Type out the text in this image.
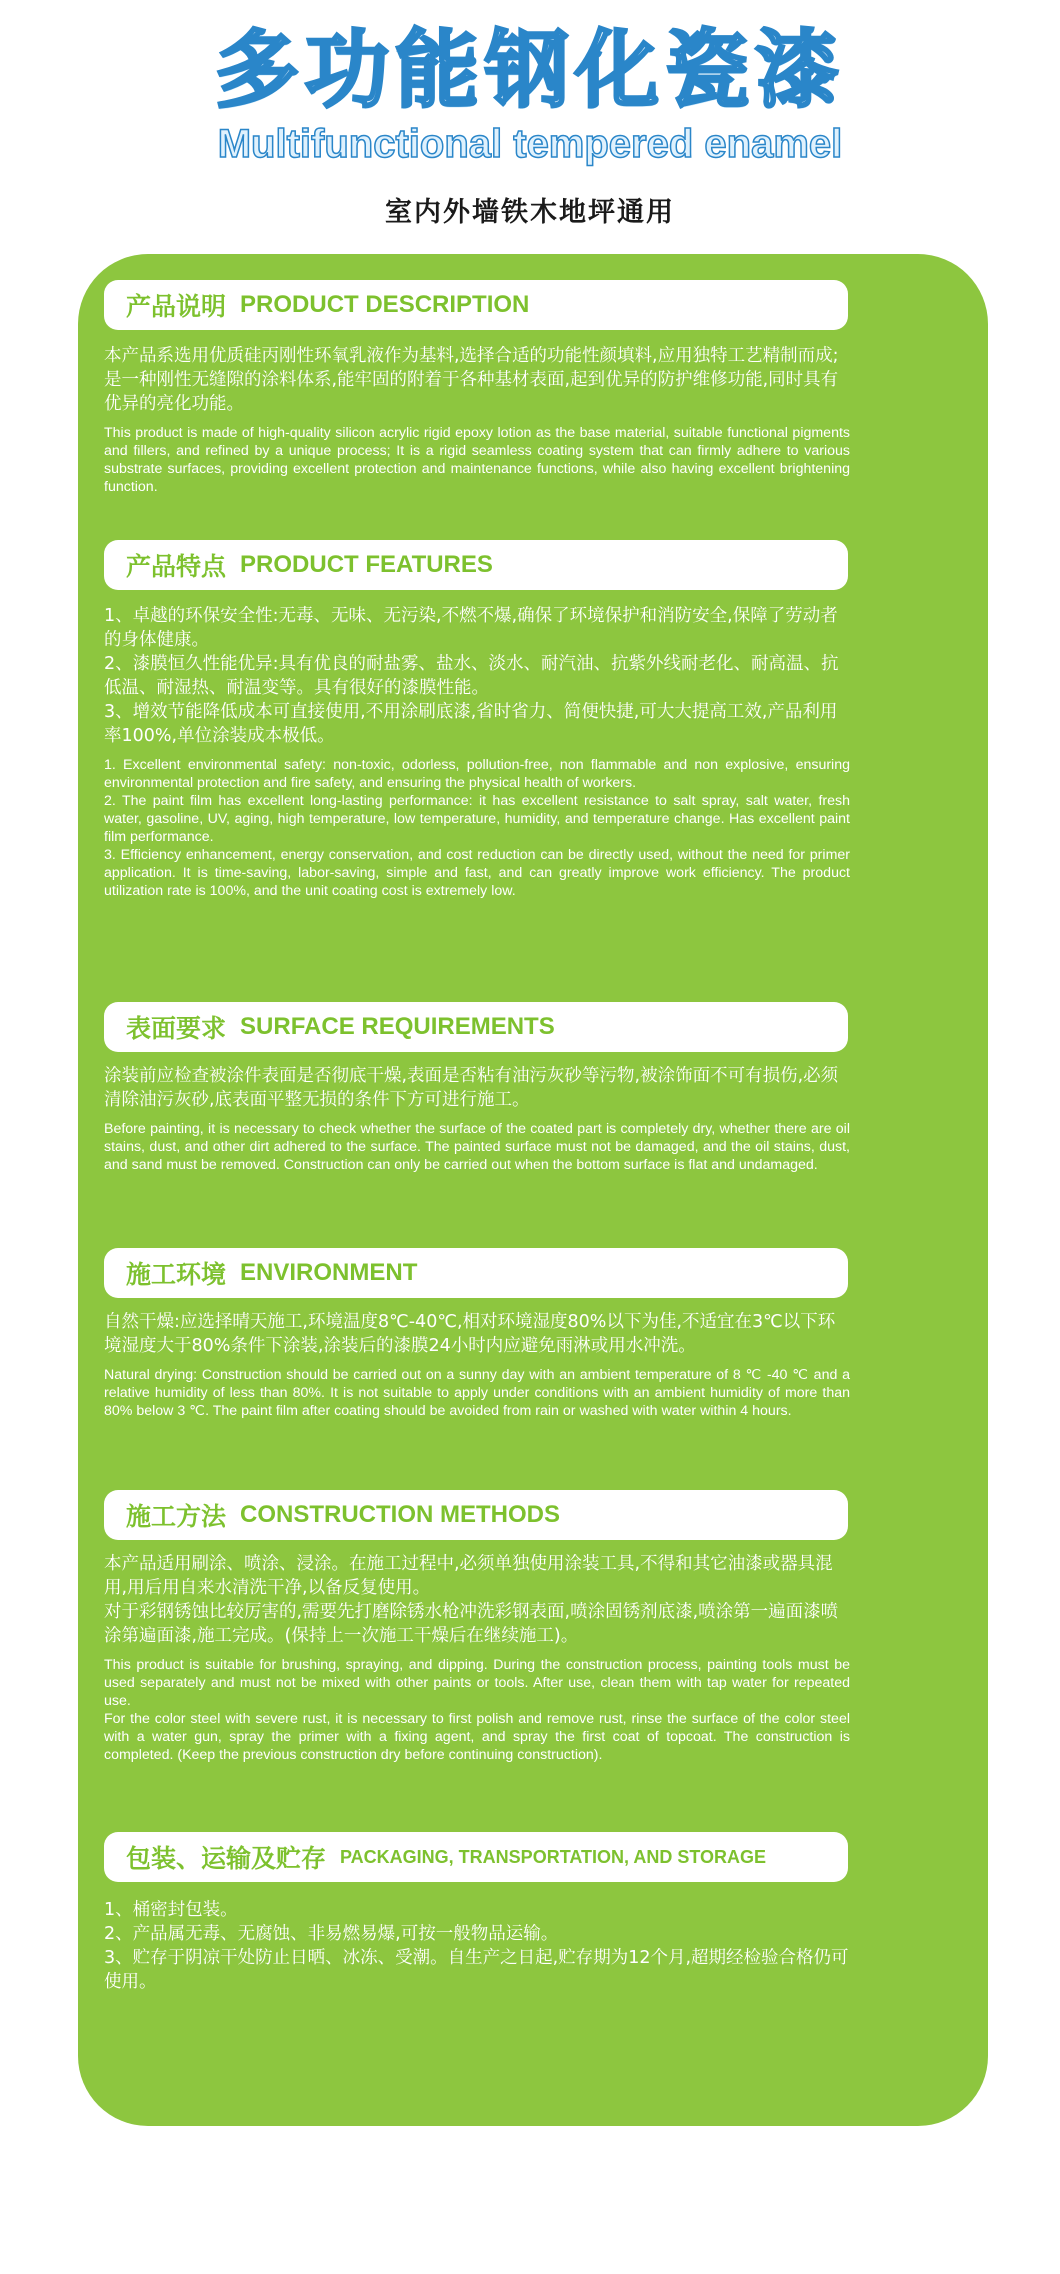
多功能钢化瓷漆
Multifunctional tempered enamel
室内外墙铁木地坪通用
产品说明 PRODUCT DESCRIPTION

本产品系选用优质硅丙刚性环氧乳液作为基料,选择合适的功能性颜填料,应用独特工艺精制而成;是一种刚性无缝隙的涂料体系,能牢固的附着于各种基材表面,起到优异的防护维修功能,同时具有优异的亮化功能。

This product is made of high-quality silicon acrylic rigid epoxy lotion as the base material, suitable functional pigments and fillers, and refined by a unique process; It is a rigid seamless coating system that can firmly adhere to various substrate surfaces, providing excellent protection and maintenance functions, while also having excellent brightening function.

产品特点 PRODUCT FEATURES

1、卓越的环保安全性:无毒、无味、无污染,不燃不爆,确保了环境保护和消防安全,保障了劳动者的身体健康。

2、漆膜恒久性能优异:具有优良的耐盐雾、盐水、淡水、耐汽油、抗紫外线耐老化、耐高温、抗低温、耐湿热、耐温变等。具有很好的漆膜性能。

3、增效节能降低成本可直接使用,不用涂刷底漆,省时省力、简便快捷,可大大提高工效,产品利用率100%,单位涂装成本极低。

1. Excellent environmental safety: non-toxic, odorless, pollution-free, non flammable and non explosive, ensuring environmental protection and fire safety, and ensuring the physical health of workers.

2. The paint film has excellent long-lasting performance: it has excellent resistance to salt spray, salt water, fresh water, gasoline, UV, aging, high temperature, low temperature, humidity, and temperature change. Has excellent paint film performance.

3. Efficiency enhancement, energy conservation, and cost reduction can be directly used, without the need for primer application. It is time-saving, labor-saving, simple and fast, and can greatly improve work efficiency. The product utilization rate is 100%, and the unit coating cost is extremely low.

表面要求 SURFACE REQUIREMENTS

涂装前应检查被涂件表面是否彻底干燥,表面是否粘有油污灰砂等污物,被涂饰面不可有损伤,必须清除油污灰砂,底表面平整无损的条件下方可进行施工。

Before painting, it is necessary to check whether the surface of the coated part is completely dry, whether there are oil stains, dust, and other dirt adhered to the surface. The painted surface must not be damaged, and the oil stains, dust, and sand must be removed. Construction can only be carried out when the bottom surface is flat and undamaged.

施工环境 ENVIRONMENT

自然干燥:应选择晴天施工,环境温度8℃-40℃,相对环境湿度80%以下为佳,不适宜在3℃以下环境湿度大于80%条件下涂装,涂装后的漆膜24小时内应避免雨淋或用水冲洗。

Natural drying: Construction should be carried out on a sunny day with an ambient temperature of 8 ℃ -40 ℃ and a relative humidity of less than 80%. It is not suitable to apply under conditions with an ambient humidity of more than 80% below 3 ℃. The paint film after coating should be avoided from rain or washed with water within 4 hours.

施工方法 CONSTRUCTION METHODS

本产品适用刷涂、喷涂、浸涂。在施工过程中,必须单独使用涂装工具,不得和其它油漆或器具混用,用后用自来水清洗干净,以备反复使用。

对于彩钢锈蚀比较厉害的,需要先打磨除锈水枪冲洗彩钢表面,喷涂固锈剂底漆,喷涂第一遍面漆喷涂第遍面漆,施工完成。(保持上一次施工干燥后在继续施工)。

This product is suitable for brushing, spraying, and dipping. During the construction process, painting tools must be used separately and must not be mixed with other paints or tools. After use, clean them with tap water for repeated use.

For the color steel with severe rust, it is necessary to first polish and remove rust, rinse the surface of the color steel with a water gun, spray the primer with a fixing agent, and spray the first coat of topcoat. The construction is completed. (Keep the previous construction dry before continuing construction).

包装、运输及贮存 PACKAGING, TRANSPORTATION, AND STORAGE

1、桶密封包装。

2、产品属无毒、无腐蚀、非易燃易爆,可按一般物品运输。

3、贮存于阴凉干处防止日晒、冰冻、受潮。自生产之日起,贮存期为12个月,超期经检验合格仍可使用。
